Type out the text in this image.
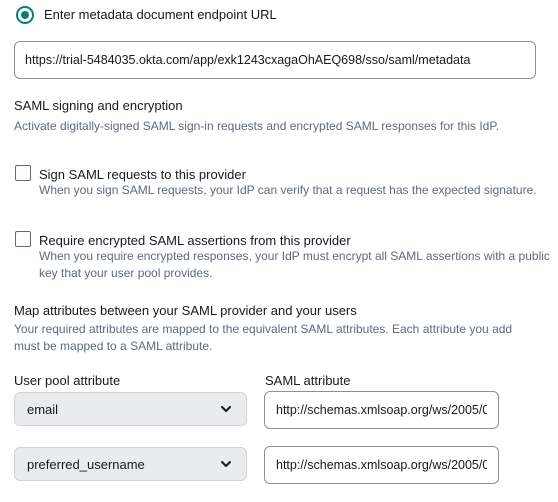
Enter metadata document endpoint URL
https://trial-5484035.okta.com/app/exk1243cxagaOhAEQ698/sso/saml/metadata
SAML signing and encryption
Activate digitally-signed SAML sign-in requests and encrypted SAML responses for this IdP.
Sign SAML requests to this provider
When you sign SAML requests, your IdP can verify that a request has the expected signature.
Require encrypted SAML assertions from this provider
When you require encrypted responses, your IdP must encrypt all SAML assertions with a public key that your user pool provides.
Map attributes between your SAML provider and your users
Your required attributes are mapped to the equivalent SAML attributes. Each attribute you add must be mapped to a SAML attribute.
User pool attribute	SAML attribute
email
http://schemas.xmlsoap.org/ws/2005/05/identity/claims/emailaddress
preferred_username
http://schemas.xmlsoap.org/ws/2005/05/identity/claims/name
